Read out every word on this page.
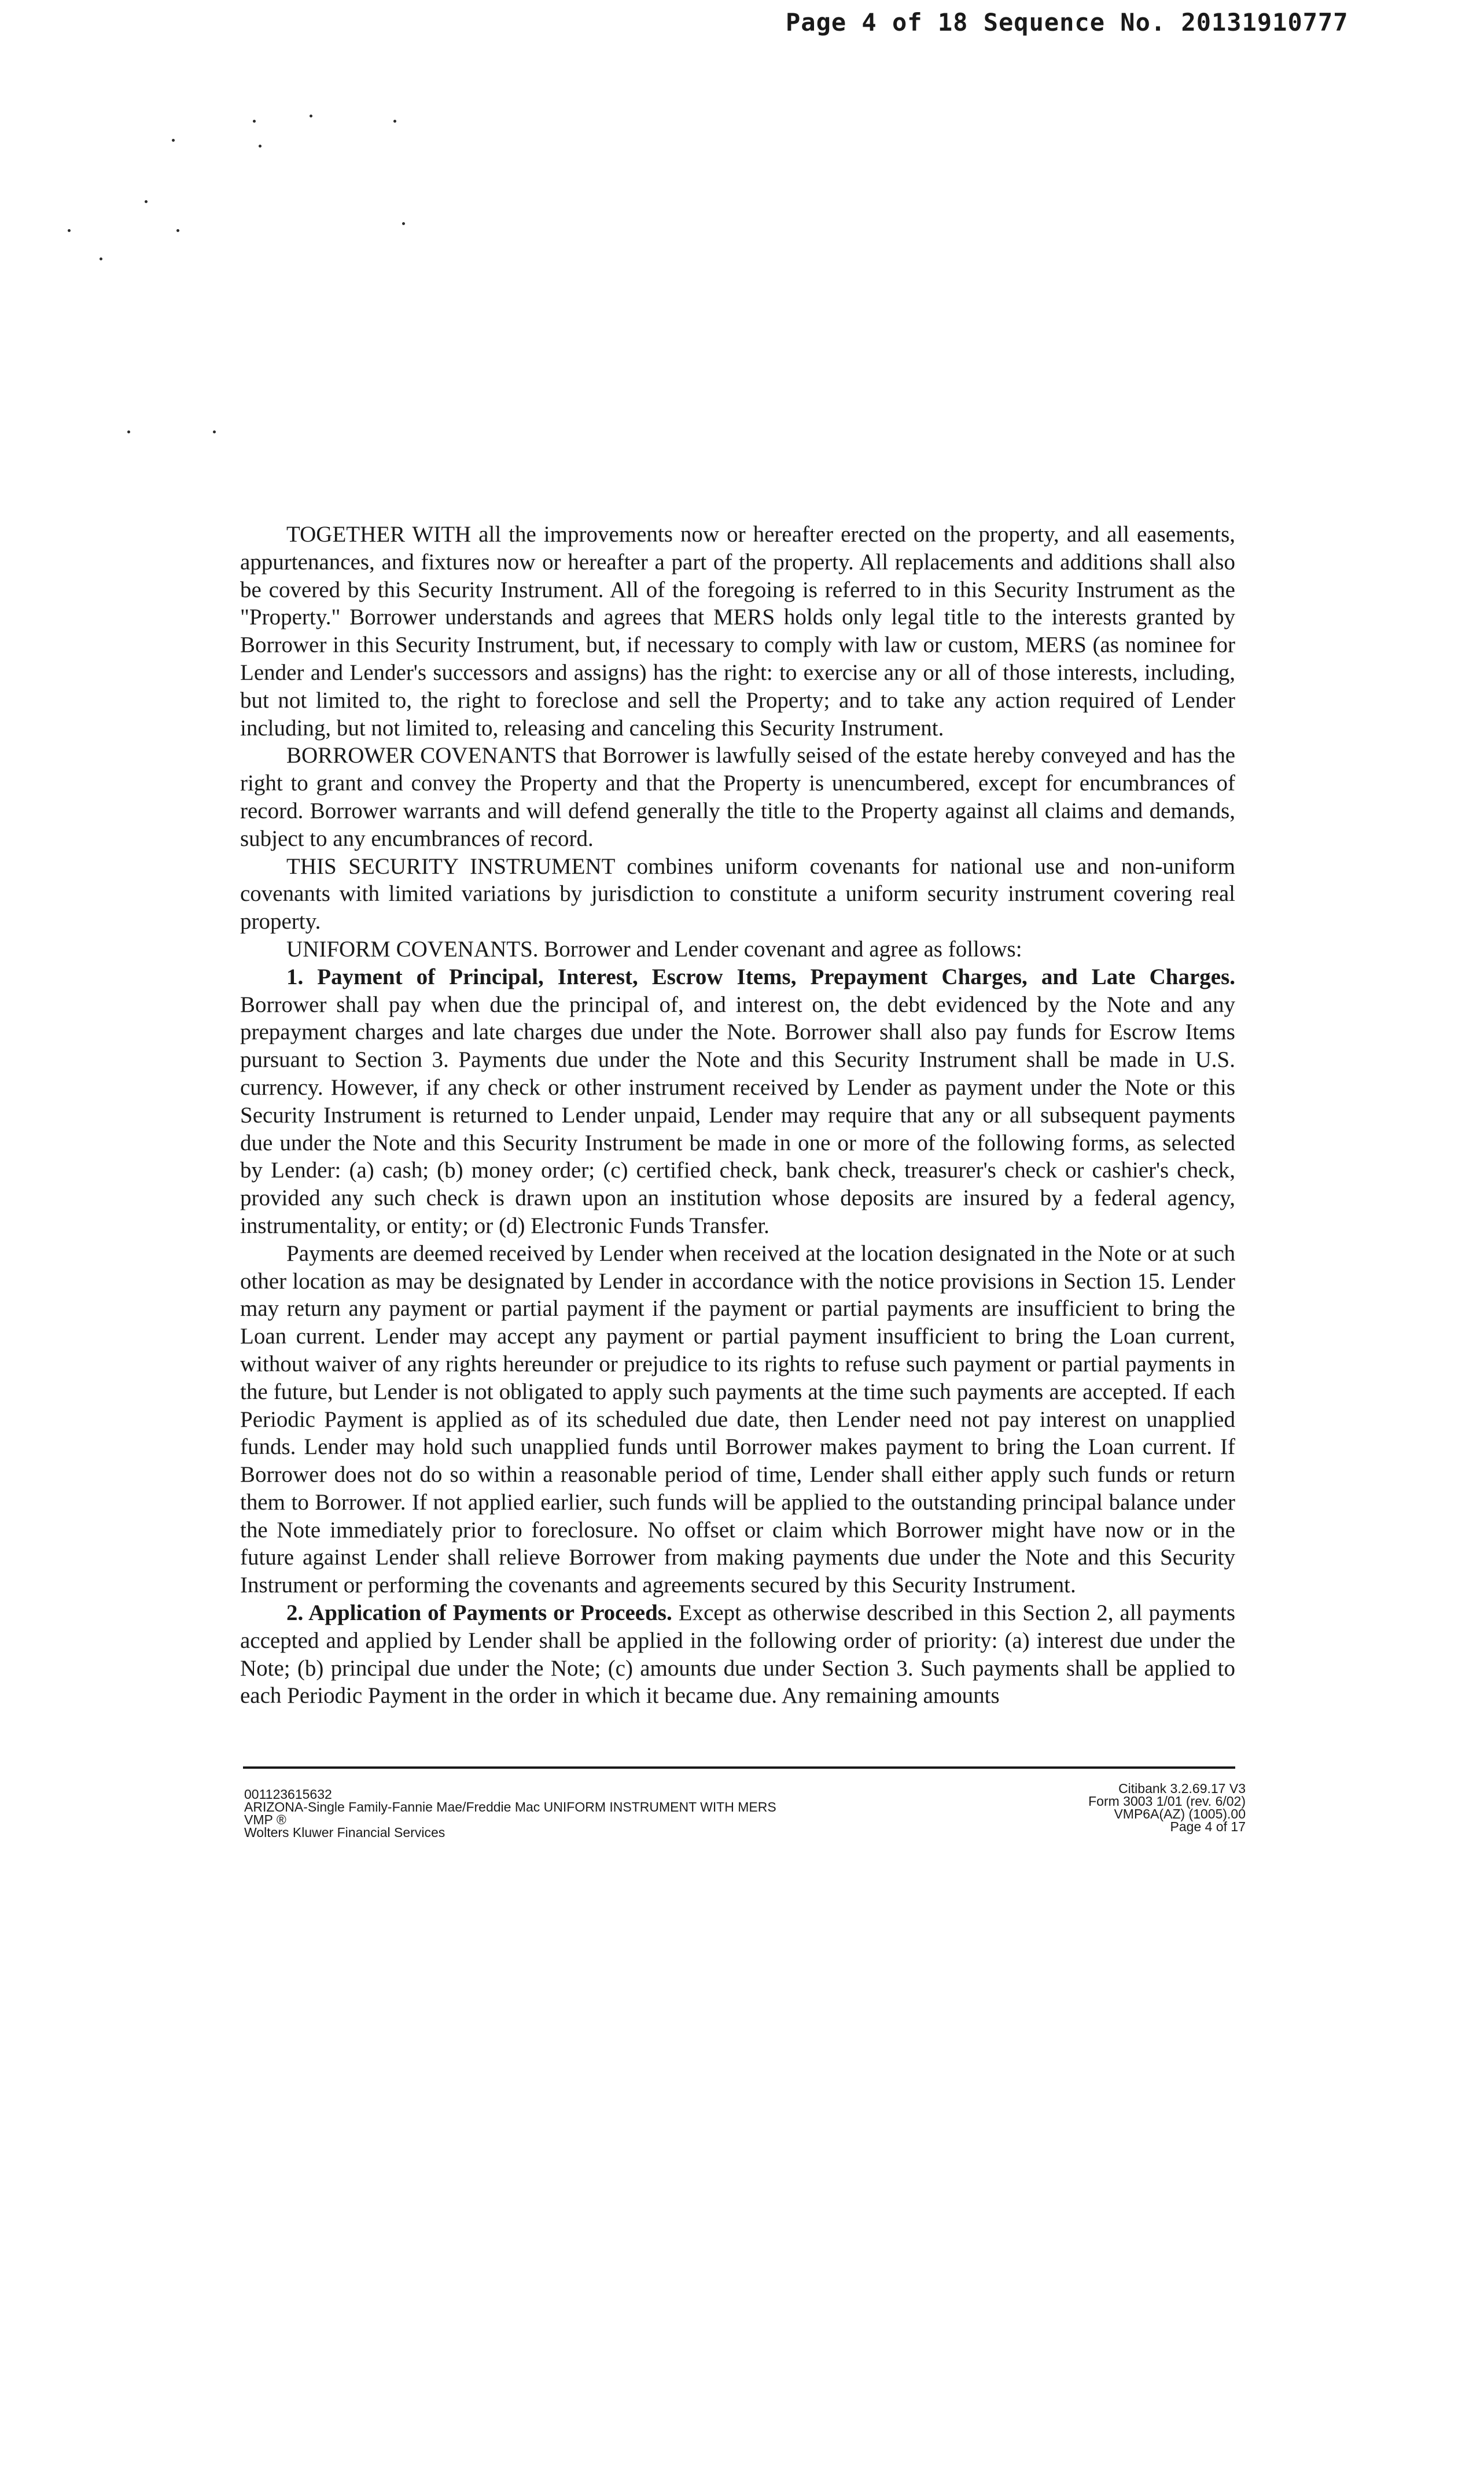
Page 4 of 18 Sequence No. 20131910777

TOGETHER WITH all the improvements now or hereafter erected on the property, and all easements, appurtenances, and fixtures now or hereafter a part of the property. All replacements and additions shall also be covered by this Security Instrument. All of the foregoing is referred to in this Security Instrument as the "Property." Borrower understands and agrees that MERS holds only legal title to the interests granted by Borrower in this Security Instrument, but, if necessary to comply with law or custom, MERS (as nominee for Lender and Lender's successors and assigns) has the right: to exercise any or all of those interests, including, but not limited to, the right to foreclose and sell the Property; and to take any action required of Lender including, but not limited to, releasing and canceling this Security Instrument.

BORROWER COVENANTS that Borrower is lawfully seised of the estate hereby conveyed and has the right to grant and convey the Property and that the Property is unencumbered, except for encumbrances of record. Borrower warrants and will defend generally the title to the Property against all claims and demands, subject to any encumbrances of record.

THIS SECURITY INSTRUMENT combines uniform covenants for national use and non-uniform covenants with limited variations by jurisdiction to constitute a uniform security instrument covering real property.

UNIFORM COVENANTS. Borrower and Lender covenant and agree as follows:

1. Payment of Principal, Interest, Escrow Items, Prepayment Charges, and Late Charges. Borrower shall pay when due the principal of, and interest on, the debt evidenced by the Note and any prepayment charges and late charges due under the Note. Borrower shall also pay funds for Escrow Items pursuant to Section 3. Payments due under the Note and this Security Instrument shall be made in U.S. currency. However, if any check or other instrument received by Lender as payment under the Note or this Security Instrument is returned to Lender unpaid, Lender may require that any or all subsequent payments due under the Note and this Security Instrument be made in one or more of the following forms, as selected by Lender: (a) cash; (b) money order; (c) certified check, bank check, treasurer's check or cashier's check, provided any such check is drawn upon an institution whose deposits are insured by a federal agency, instrumentality, or entity; or (d) Electronic Funds Transfer.

Payments are deemed received by Lender when received at the location designated in the Note or at such other location as may be designated by Lender in accordance with the notice provisions in Section 15. Lender may return any payment or partial payment if the payment or partial payments are insufficient to bring the Loan current. Lender may accept any payment or partial payment insufficient to bring the Loan current, without waiver of any rights hereunder or prejudice to its rights to refuse such payment or partial payments in the future, but Lender is not obligated to apply such payments at the time such payments are accepted. If each Periodic Payment is applied as of its scheduled due date, then Lender need not pay interest on unapplied funds. Lender may hold such unapplied funds until Borrower makes payment to bring the Loan current. If Borrower does not do so within a reasonable period of time, Lender shall either apply such funds or return them to Borrower. If not applied earlier, such funds will be applied to the outstanding principal balance under the Note immediately prior to foreclosure. No offset or claim which Borrower might have now or in the future against Lender shall relieve Borrower from making payments due under the Note and this Security Instrument or performing the covenants and agreements secured by this Security Instrument.

2. Application of Payments or Proceeds. Except as otherwise described in this Section 2, all payments accepted and applied by Lender shall be applied in the following order of priority: (a) interest due under the Note; (b) principal due under the Note; (c) amounts due under Section 3. Such payments shall be applied to each Periodic Payment in the order in which it became due. Any remaining amounts

001123615632
ARIZONA-Single Family-Fannie Mae/Freddie Mac UNIFORM INSTRUMENT WITH MERS
VMP ®
Wolters Kluwer Financial Services
Citibank 3.2.69.17 V3
Form 3003 1/01 (rev. 6/02)
VMP6A(AZ) (1005).00
Page 4 of 17
